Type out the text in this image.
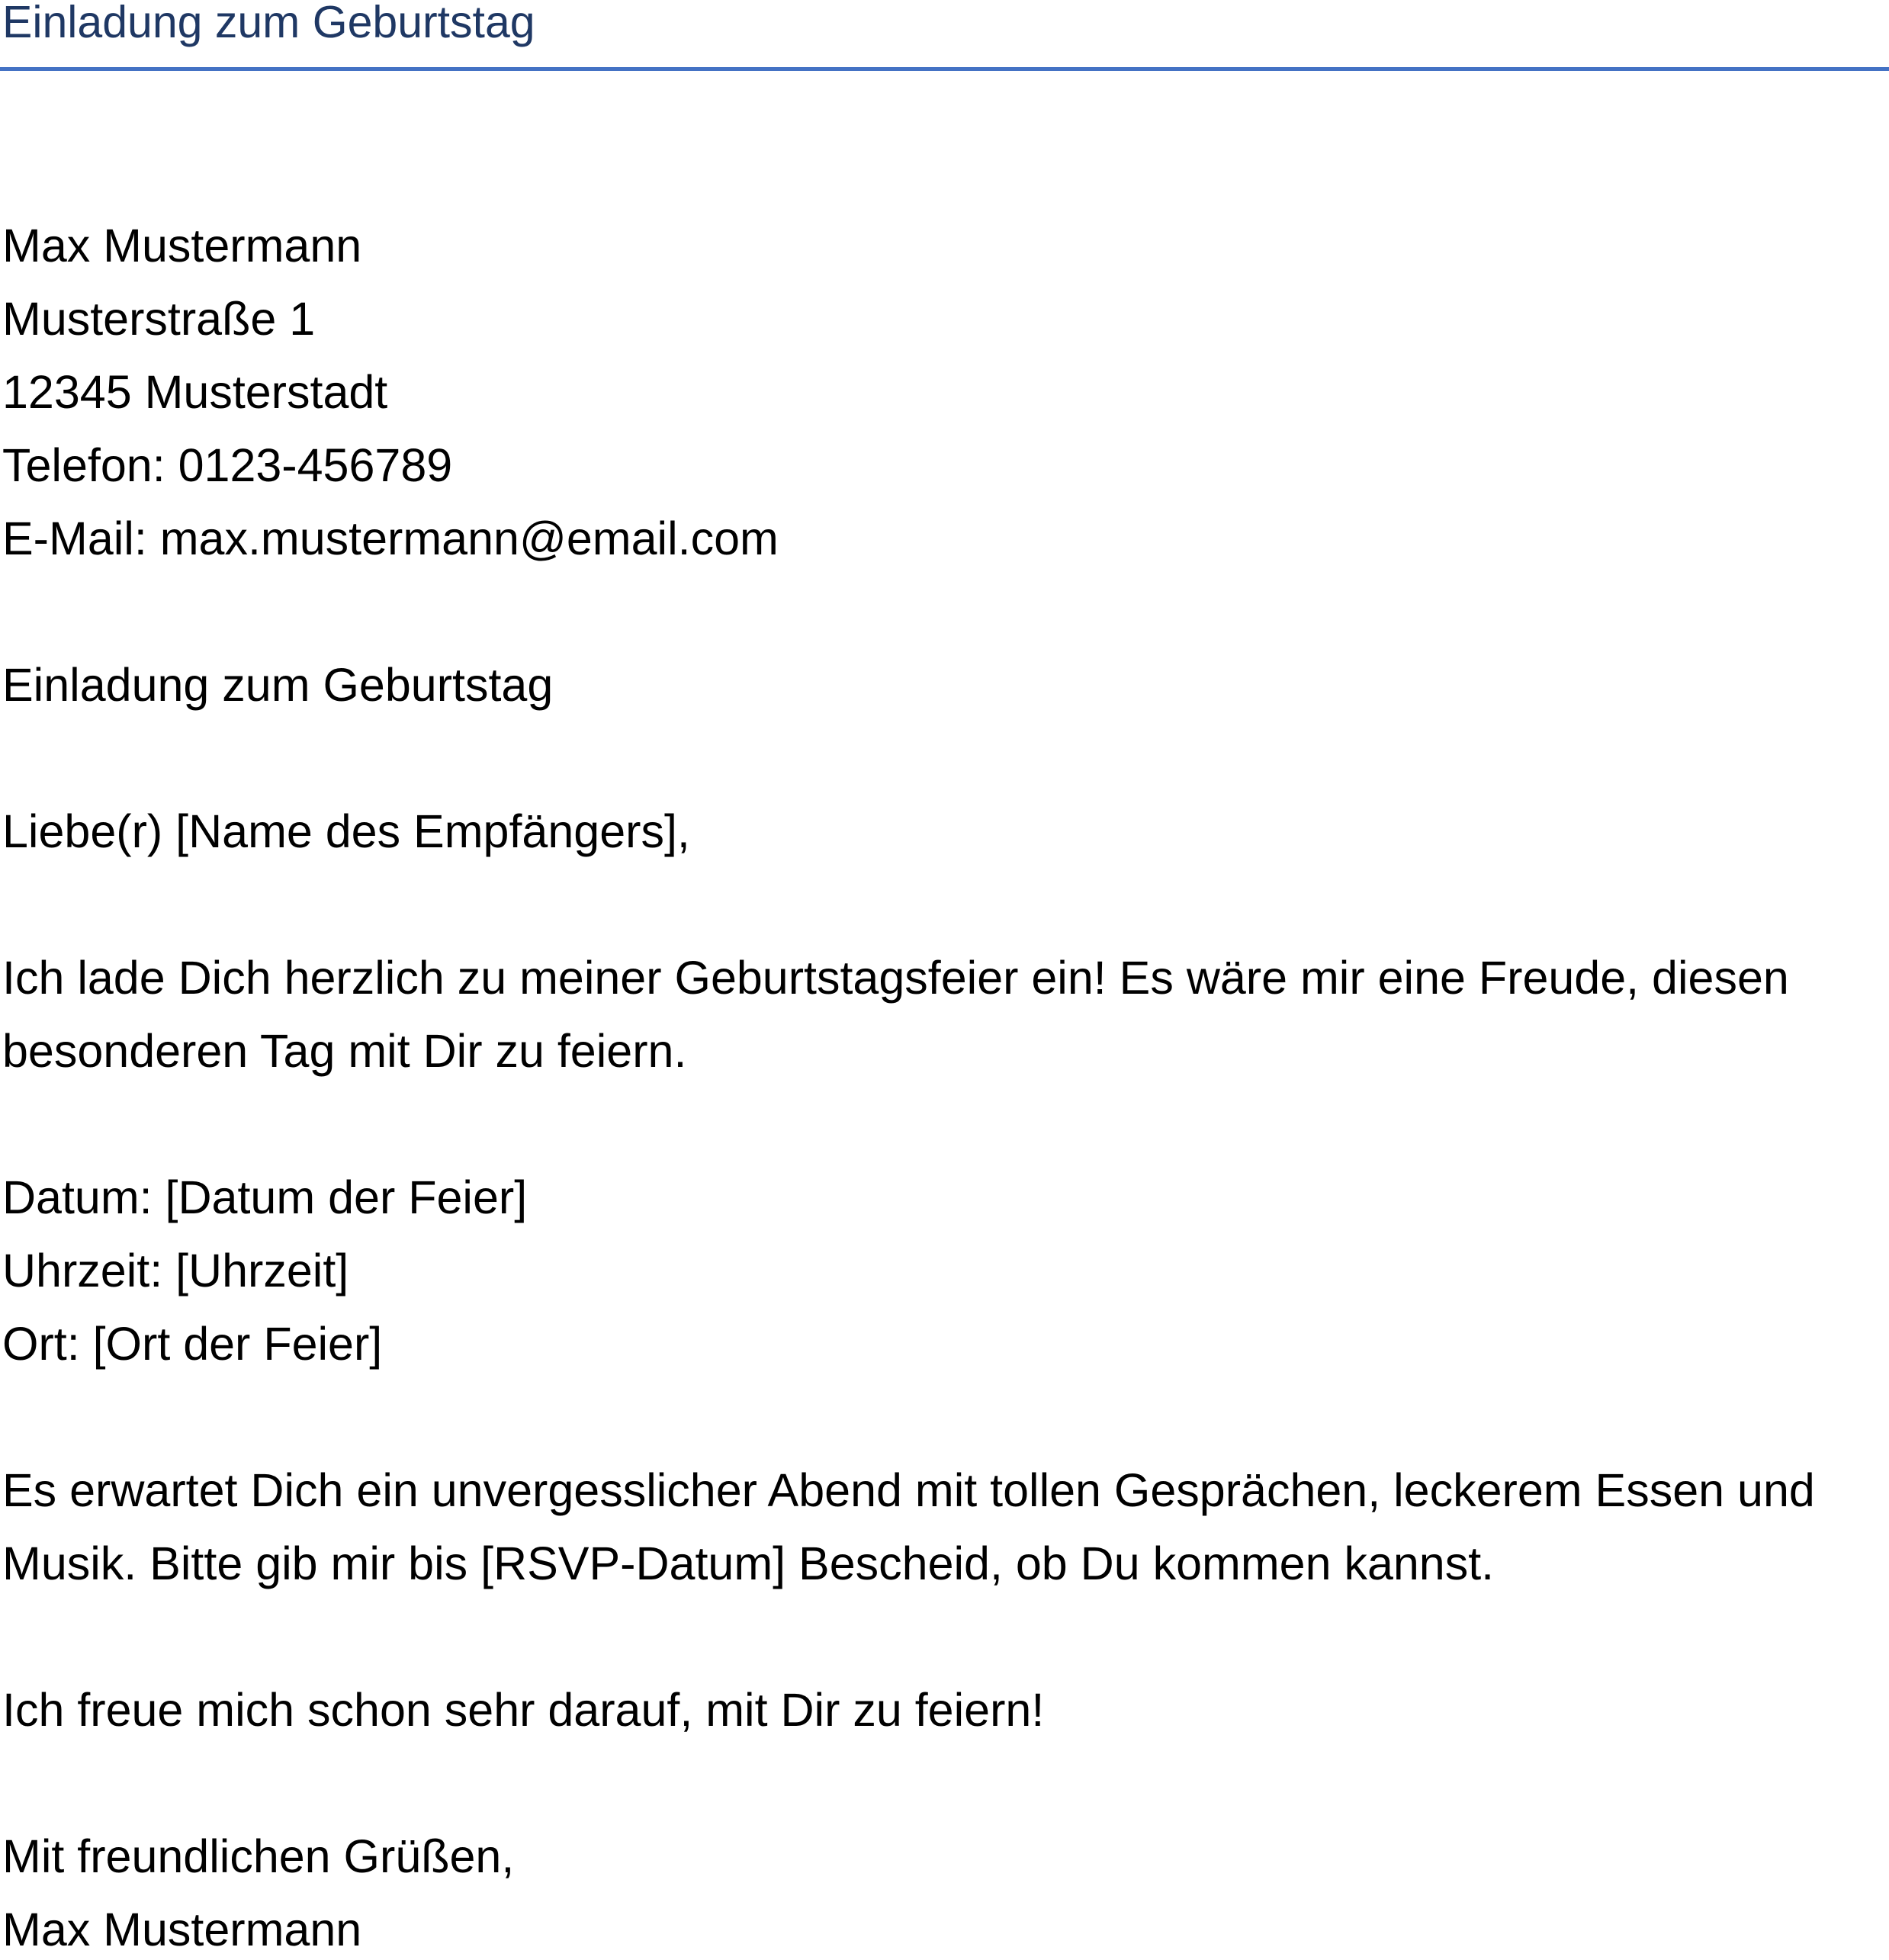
Einladung zum Geburtstag
Max Mustermann
Musterstraße 1
12345 Musterstadt
Telefon: 0123-456789
E-Mail: max.mustermann@email.com
Einladung zum Geburtstag
Liebe(r) [Name des Empfängers],
Ich lade Dich herzlich zu meiner Geburtstagsfeier ein! Es wäre mir eine Freude, diesen
besonderen Tag mit Dir zu feiern.
Datum: [Datum der Feier]
Uhrzeit: [Uhrzeit]
Ort: [Ort der Feier]
Es erwartet Dich ein unvergesslicher Abend mit tollen Gesprächen, leckerem Essen und
Musik. Bitte gib mir bis [RSVP-Datum] Bescheid, ob Du kommen kannst.
Ich freue mich schon sehr darauf, mit Dir zu feiern!
Mit freundlichen Grüßen,
Max Mustermann
